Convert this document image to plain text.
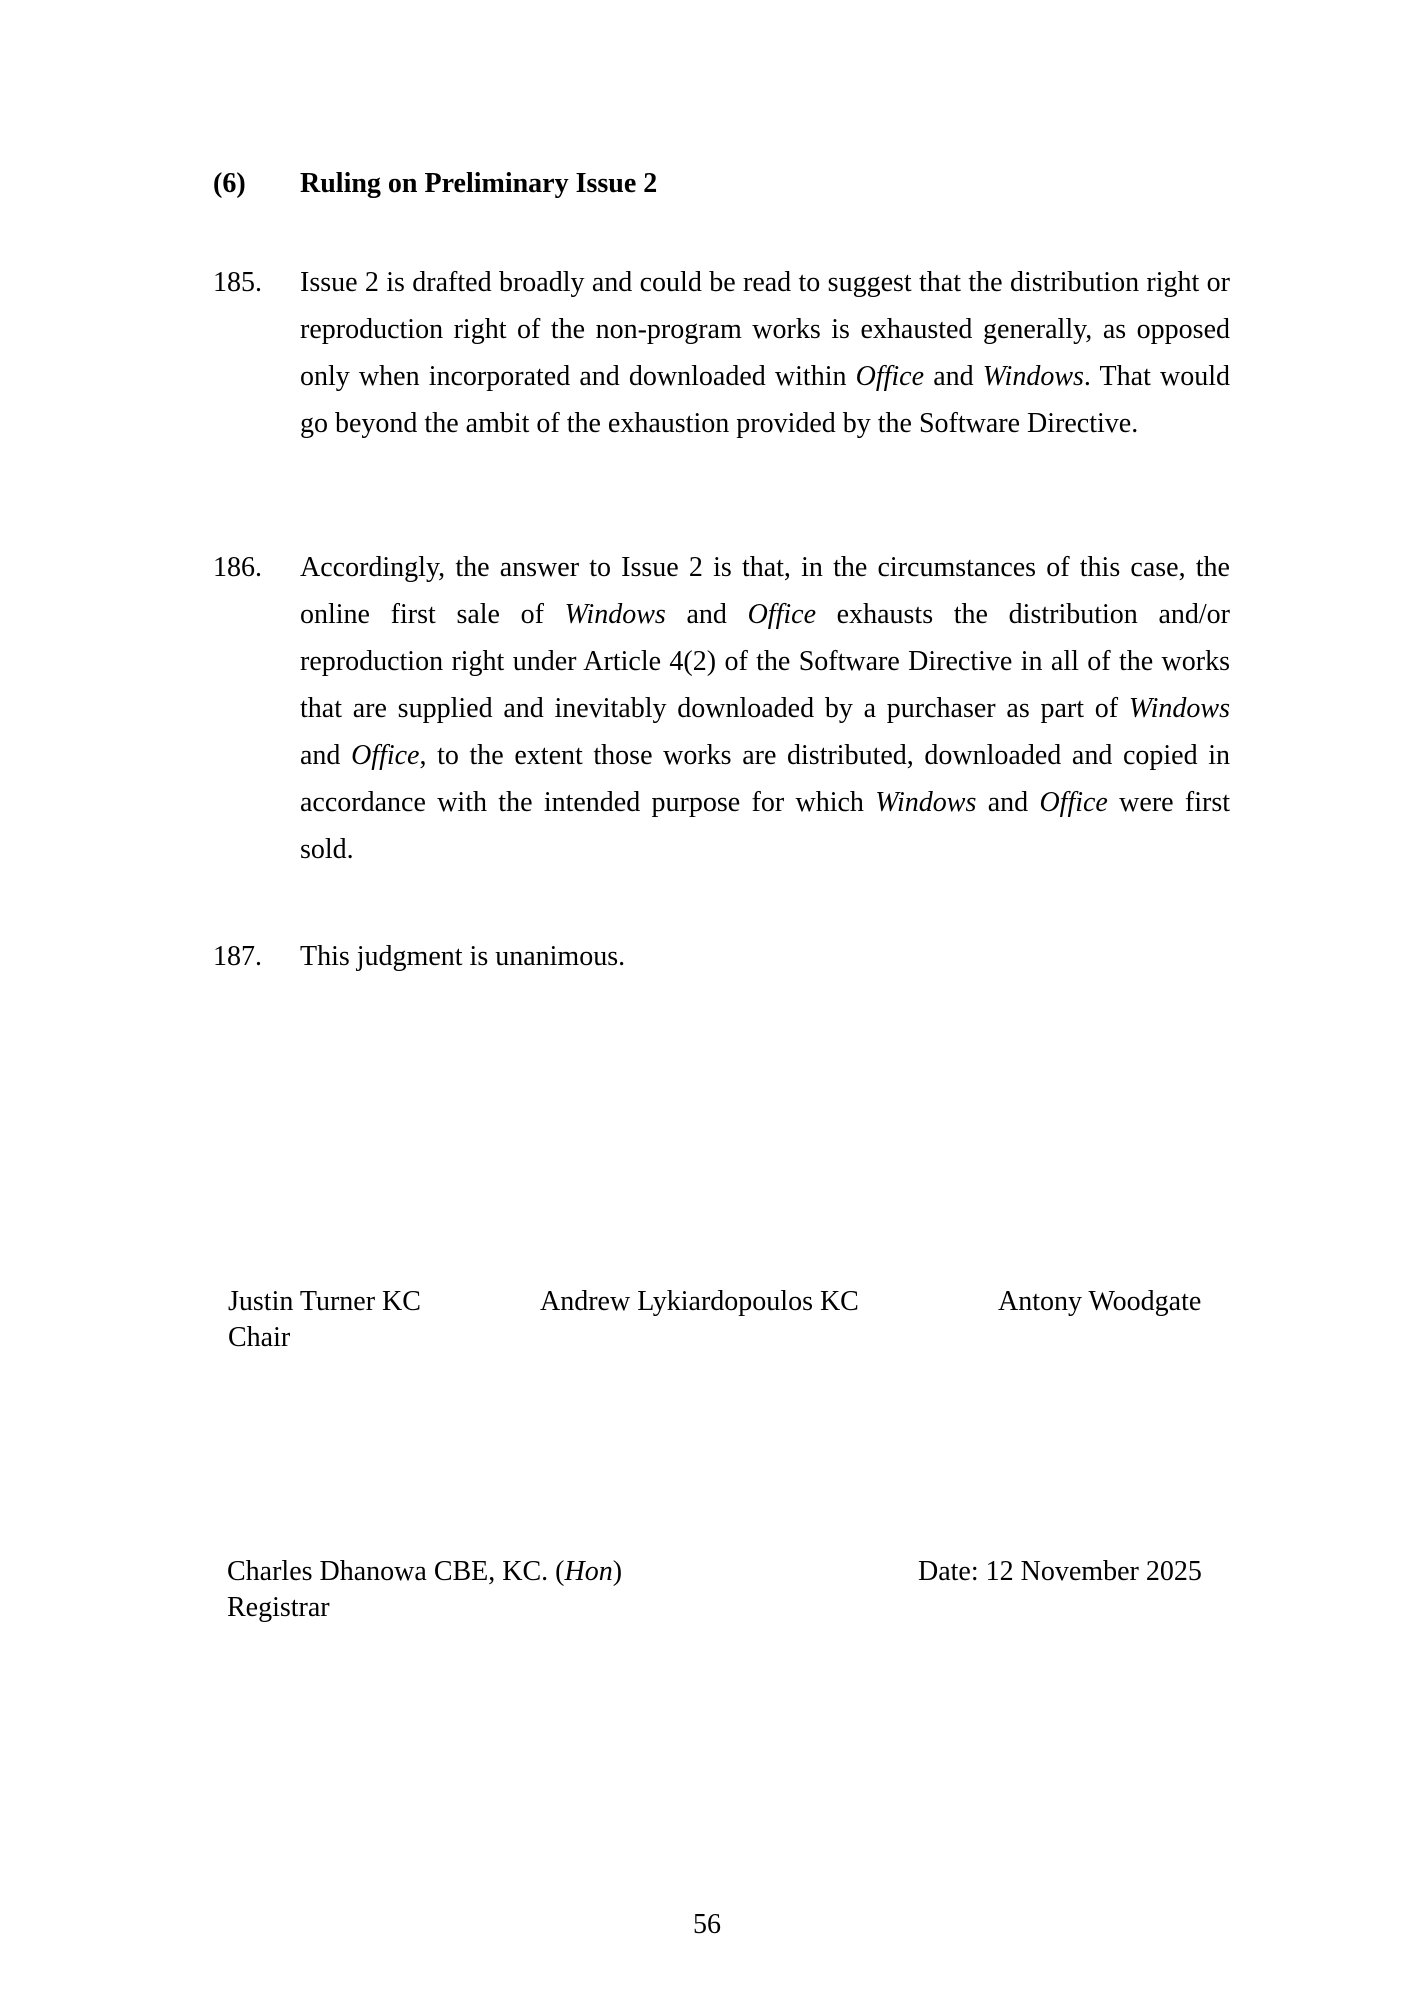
(6)	Ruling on Preliminary Issue 2
185.	Issue 2 is drafted broadly and could be read to suggest that the distribution right or reproduction right of the non-program works is exhausted generally, as opposed only when incorporated and downloaded within Office and Windows. That would go beyond the ambit of the exhaustion provided by the Software Directive.
186.	Accordingly, the answer to Issue 2 is that, in the circumstances of this case, the online first sale of Windows and Office exhausts the distribution and/or reproduction right under Article 4(2) of the Software Directive in all of the works that are supplied and inevitably downloaded by a purchaser as part of Windows and Office, to the extent those works are distributed, downloaded and copied in accordance with the intended purpose for which Windows and Office were first sold.
187.	This judgment is unanimous.
Justin Turner KC
Chair
Andrew Lykiardopoulos KC	Antony Woodgate
Charles Dhanowa CBE, KC. (Hon)
Registrar
Date: 12 November 2025
56
